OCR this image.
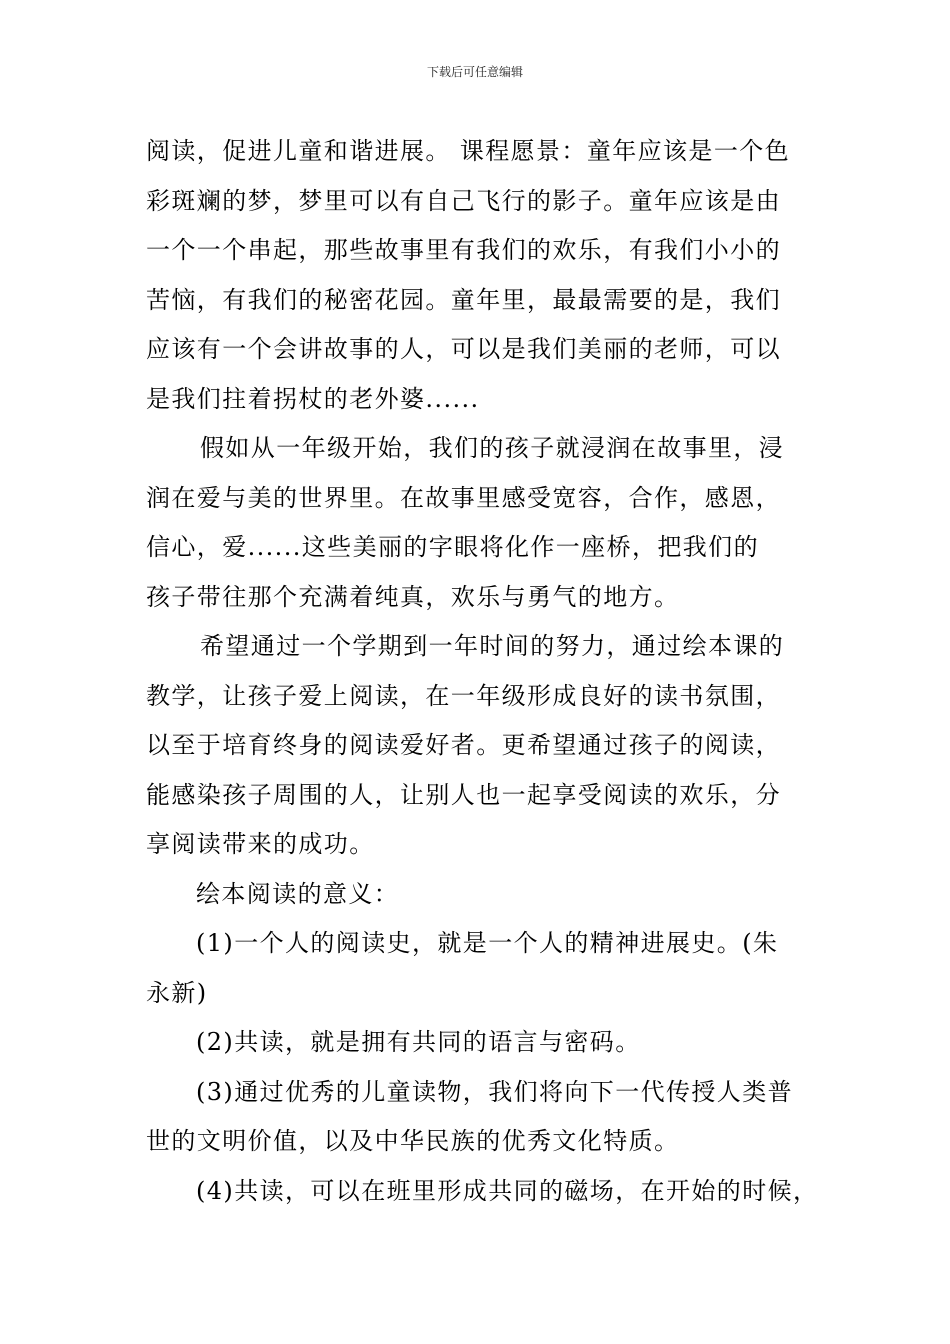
下载后可任意编辑

阅读，促进儿童和谐进展。 课程愿景：童年应该是一个色
彩斑斓的梦，梦里可以有自己飞行的影子。童年应该是由
一个一个串起，那些故事里有我们的欢乐，有我们小小的
苦恼，有我们的秘密花园。童年里，最最需要的是，我们
应该有一个会讲故事的人，可以是我们美丽的老师，可以
是我们拄着拐杖的老外婆......

假如从一年级开始，我们的孩子就浸润在故事里，浸
润在爱与美的世界里。在故事里感受宽容，合作，感恩，
信心，爱......这些美丽的字眼将化作一座桥，把我们的
孩子带往那个充满着纯真，欢乐与勇气的地方。

希望通过一个学期到一年时间的努力，通过绘本课的
教学，让孩子爱上阅读，在一年级形成良好的读书氛围，
以至于培育终身的阅读爱好者。更希望通过孩子的阅读，
能感染孩子周围的人，让别人也一起享受阅读的欢乐，分
享阅读带来的成功。

绘本阅读的意义：

(1)一个人的阅读史，就是一个人的精神进展史。(朱
永新)

(2)共读，就是拥有共同的语言与密码。

(3)通过优秀的儿童读物，我们将向下一代传授人类普
世的文明价值，以及中华民族的优秀文化特质。

(4)共读，可以在班里形成共同的磁场，在开始的时候，
